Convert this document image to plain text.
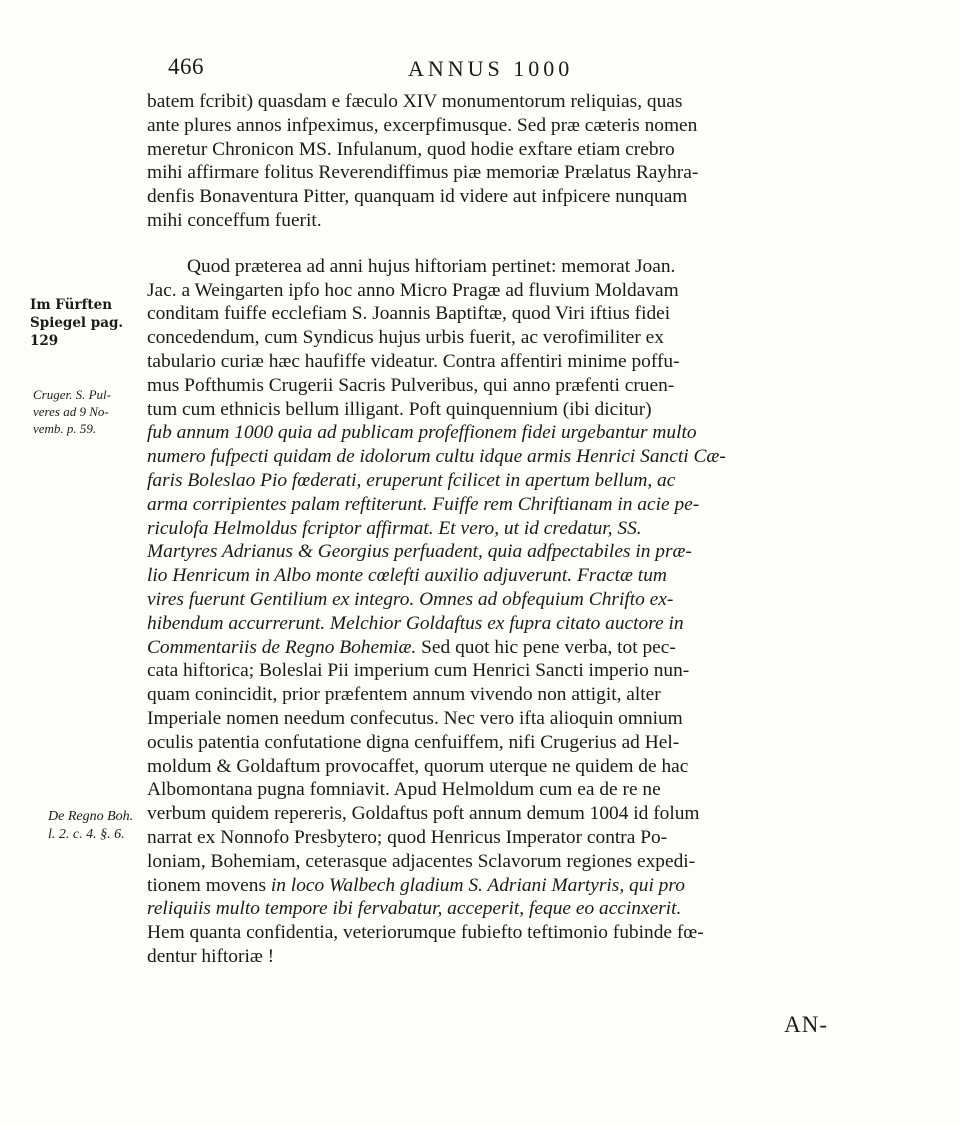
466	ANNUS 1000
Im Fürften
Spiegel pag.
129
Cruger. S. Pul-
veres ad 9 No-
vemb. p. 59.
De Regno Boh.
l. 2. c. 4. §. 6.
batem fcribit) quasdam e fæculo XIV monumentorum reliquias, quas
ante plures annos infpeximus, excerpfimusque. Sed præ cæteris nomen
meretur Chronicon MS. Infulanum, quod hodie exftare etiam crebro
mihi affirmare folitus Reverendiffimus piæ memoriæ Prælatus Rayhra-
denfis Bonaventura Pitter, quanquam id videre aut infpicere nunquam
mihi conceffum fuerit.
Quod præterea ad anni hujus hiftoriam pertinet: memorat Joan.
Jac. a Weingarten ipfo hoc anno Micro Pragæ ad fluvium Moldavam
conditam fuiffe ecclefiam S. Joannis Baptiftæ, quod Viri iftius fidei
concedendum, cum Syndicus hujus urbis fuerit, ac verofimiliter ex
tabulario curiæ hæc haufiffe videatur. Contra affentiri minime poffu-
mus Pofthumis Crugerii Sacris Pulveribus, qui anno præfenti cruen-
tum cum ethnicis bellum illigant. Poft quinquennium (ibi dicitur)
fub annum 1000 quia ad publicam profeffionem fidei urgebantur multo
numero fufpecti quidam de idolorum cultu idque armis Henrici Sancti Cæ-
faris Boleslao Pio fœderati, eruperunt fcilicet in apertum bellum, ac
arma corripientes palam reftiterunt. Fuiffe rem Chriftianam in acie pe-
riculofa Helmoldus fcriptor affirmat. Et vero, ut id credatur, SS.
Martyres Adrianus & Georgius perfuadent, quia adfpectabiles in præ-
lio Henricum in Albo monte cœlefti auxilio adjuverunt. Fractæ tum
vires fuerunt Gentilium ex integro. Omnes ad obfequium Chrifto ex-
hibendum accurrerunt. Melchior Goldaftus ex fupra citato auctore in
Commentariis de Regno Bohemiæ. Sed quot hic pene verba, tot pec-
cata hiftorica; Boleslai Pii imperium cum Henrici Sancti imperio nun-
quam conincidit, prior præfentem annum vivendo non attigit, alter
Imperiale nomen needum confecutus. Nec vero ifta alioquin omnium
oculis patentia confutatione digna cenfuiffem, nifi Crugerius ad Hel-
moldum & Goldaftum provocaffet, quorum uterque ne quidem de hac
Albomontana pugna fomniavit. Apud Helmoldum cum ea de re ne
verbum quidem repereris, Goldaftus poft annum demum 1004 id folum
narrat ex Nonnofo Presbytero; quod Henricus Imperator contra Po-
loniam, Bohemiam, ceterasque adjacentes Sclavorum regiones expedi-
tionem movens in loco Walbech gladium S. Adriani Martyris, qui pro
reliquiis multo tempore ibi fervabatur, acceperit, feque eo accinxerit.
Hem quanta confidentia, veteriorumque fubiefto teftimonio fubinde fœ-
dentur hiftoriæ !
AN-
